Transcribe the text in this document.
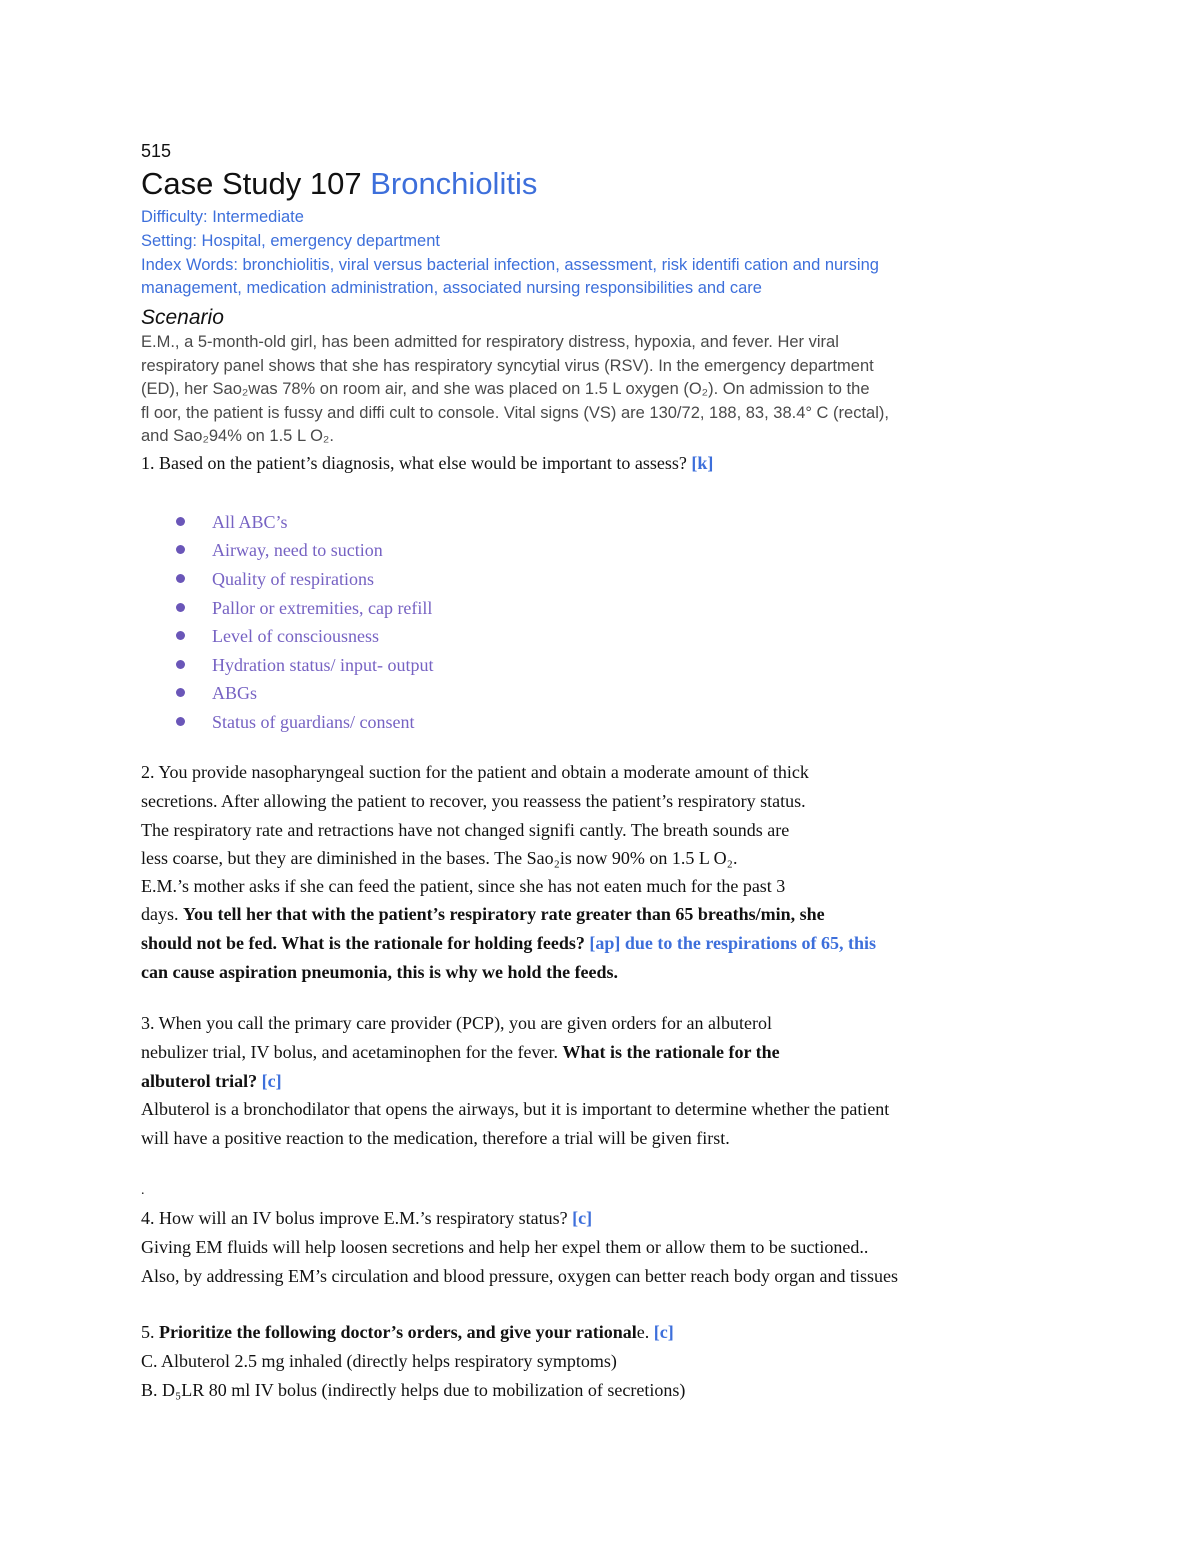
515
Case Study 107 Bronchiolitis
Difficulty: Intermediate
Setting: Hospital, emergency department
Index Words: bronchiolitis, viral versus bacterial infection, assessment, risk identifi cation and nursing
management, medication administration, associated nursing responsibilities and care
Scenario
E.M., a 5-month-old girl, has been admitted for respiratory distress, hypoxia, and fever. Her viral
respiratory panel shows that she has respiratory syncytial virus (RSV). In the emergency department
(ED), her Sao₂was 78% on room air, and she was placed on 1.5 L oxygen (O₂). On admission to the
fl oor, the patient is fussy and diffi cult to console. Vital signs (VS) are 130/72, 188, 83, 38.4° C (rectal),
and Sao₂94% on 1.5 L O₂.
1. Based on the patient’s diagnosis, what else would be important to assess? [k]
All ABC’s
Airway, need to suction
Quality of respirations
Pallor or extremities, cap refill
Level of consciousness
Hydration status/ input- output
ABGs
Status of guardians/ consent
2. You provide nasopharyngeal suction for the patient and obtain a moderate amount of thick
secretions. After allowing the patient to recover, you reassess the patient’s respiratory status.
The respiratory rate and retractions have not changed signifi cantly. The breath sounds are
less coarse, but they are diminished in the bases. The Sao₂is now 90% on 1.5 L O₂.
E.M.’s mother asks if she can feed the patient, since she has not eaten much for the past 3
days. You tell her that with the patient’s respiratory rate greater than 65 breaths/min, she
should not be fed. What is the rationale for holding feeds? [ap] due to the respirations of 65, this
can cause aspiration pneumonia, this is why we hold the feeds.
3. When you call the primary care provider (PCP), you are given orders for an albuterol
nebulizer trial, IV bolus, and acetaminophen for the fever. What is the rationale for the
albuterol trial? [c]
Albuterol is a bronchodilator that opens the airways, but it is important to determine whether the patient
will have a positive reaction to the medication, therefore a trial will be given first.
.
4. How will an IV bolus improve E.M.’s respiratory status? [c]
Giving EM fluids will help loosen secretions and help her expel them or allow them to be suctioned..
Also, by addressing EM’s circulation and blood pressure, oxygen can better reach body organ and tissues
5. Prioritize the following doctor’s orders, and give your rationale. [c]
C. Albuterol 2.5 mg inhaled (directly helps respiratory symptoms)
B. D₅LR 80 ml IV bolus (indirectly helps due to mobilization of secretions)
